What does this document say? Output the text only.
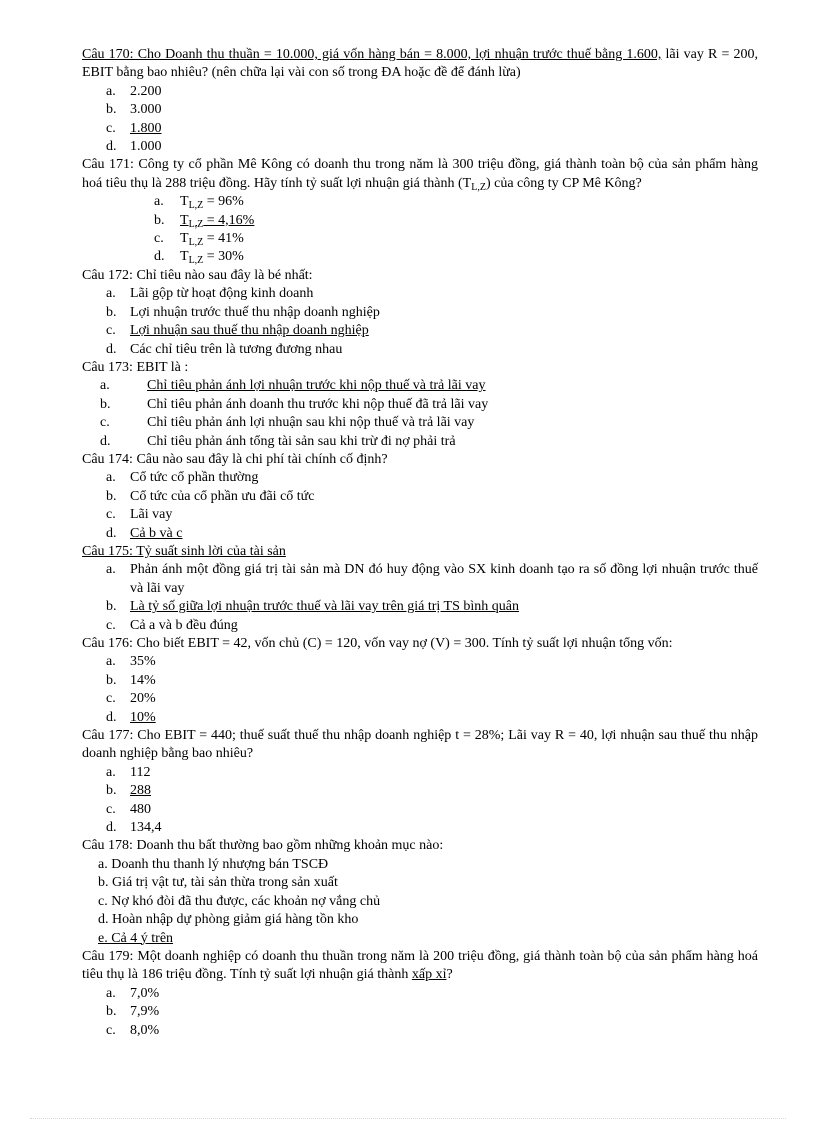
Câu 170: Cho Doanh thu thuần = 10.000, giá vốn hàng bán = 8.000, lợi nhuận trước thuế bằng 1.600, lãi vay R = 200, EBIT bằng bao nhiêu? (nên chữa lại vài con số trong ĐA hoặc đề để đánh lừa)

a.	2.200
b. 3.000
c.	1.800
d. 1.000

Câu 171: Công ty cổ phần Mê Kông có doanh thu trong năm là 300 triệu đồng, giá thành toàn bộ của sản phẩm hàng hoá tiêu thụ là 288 triệu đồng. Hãy tính tỷ suất lợi nhuận giá thành $(T_{L,Z})$ của công ty CP Mê Kông?

a.	$T_{L,Z} = 96\%$
b.	$T_{L,Z} = 4,16\%$
c.	$T_{L,Z} = 41\%$
d.	$T_{L,Z} = 30\%$

Câu 172: Chỉ tiêu nào sau đây là bé nhất:

a.	Lãi gộp từ hoạt động kinh doanh
b. Lợi nhuận trước thuế thu nhập doanh nghiệp
c.	Lợi nhuận sau thuế thu nhập doanh nghiệp
d. Các chỉ tiêu trên là tương đương nhau

Câu 173: EBIT là :

a.	Chỉ tiêu phản ánh lợi nhuận trước khi nộp thuế và trả lãi vay
b.	Chỉ tiêu phản ánh doanh thu trước khi nộp thuế đã trả lãi vay
c.	Chỉ tiêu phản ánh lợi nhuận sau khi nộp thuế và trả lãi vay
d.	Chỉ tiêu phản ánh tổng tài sản sau khi trừ đi nợ phải trả

Câu 174: Câu nào sau đây là chi phí tài chính cố định?

a.	Cổ tức cổ phần thường
b. Cổ tức của cổ phần ưu đãi cổ tức
c.	Lãi vay
d. Cả b và c

Câu 175: Tỷ suất sinh lời của tài sản

a.	Phản ánh một đồng giá trị tài sản mà DN đó huy động vào SX kinh doanh tạo ra số đồng lợi nhuận trước thuế và lãi vay
b. Là tỷ số giữa lợi nhuận trước thuế và lãi vay trên giá trị TS bình quân
c.	Cả a và b đều đúng

Câu 176: Cho biết EBIT = 42, vốn chủ (C) = 120, vốn vay nợ (V) = 300. Tính tỷ suất lợi nhuận tổng vốn:

a.	35%
b. 14%
c.	20%
d. 10%

Câu 177: Cho EBIT = 440; thuế suất thuế thu nhập doanh nghiệp t = 28%; Lãi vay R = 40, lợi nhuận sau thuế thu nhập doanh nghiệp bằng bao nhiêu?

a.	112
b. 288
c.	480
d. 134,4

Câu 178: Doanh thu bất thường bao gồm những khoản mục nào:

a. Doanh thu thanh lý nhượng bán TSCĐ
b. Giá trị vật tư, tài sản thừa trong sản xuất
c. Nợ khó đòi đã thu được, các khoản nợ vắng chủ
d. Hoàn nhập dự phòng giảm giá hàng tồn kho
e. Cả 4 ý trên

Câu 179: Một doanh nghiệp có doanh thu thuần trong năm là 200 triệu đồng, giá thành toàn bộ của sản phẩm hàng hoá tiêu thụ là 186 triệu đồng. Tính tỷ suất lợi nhuận giá thành xấp xỉ?

a.	7,0%
b. 7,9%
c.	8,0%
